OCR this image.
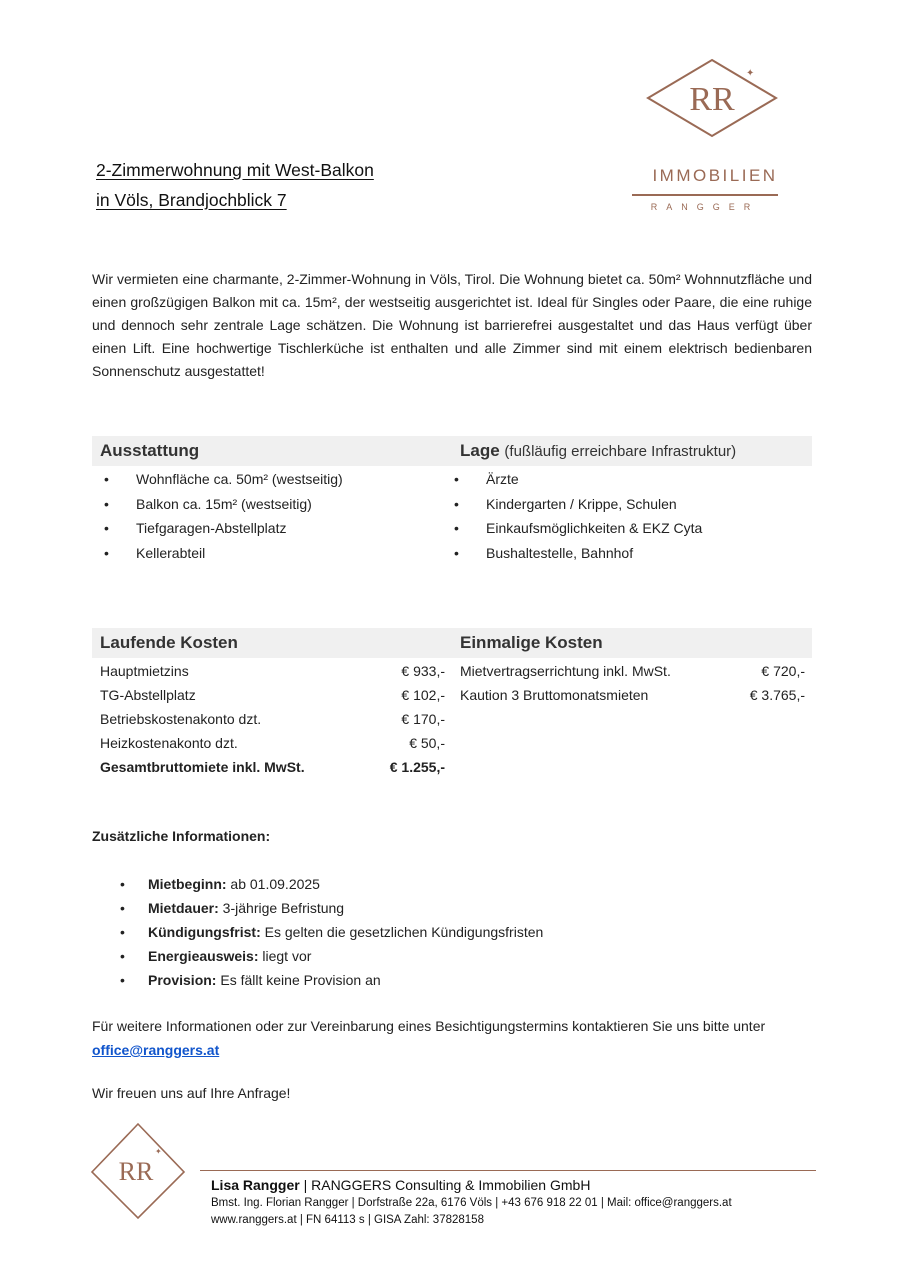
2-Zimmerwohnung mit West-Balkon
in Völs, Brandjochblick 7
RR
✦
IMMOBILIEN
RANGGER
Wir vermieten eine charmante, 2-Zimmer-Wohnung in Völs, Tirol. Die Wohnung bietet ca. 50m² Wohnnutzfläche und einen großzügigen Balkon mit ca. 15m², der westseitig ausgerichtet ist. Ideal für Singles oder Paare, die eine ruhige und dennoch sehr zentrale Lage schätzen. Die Wohnung ist barrierefrei ausgestaltet und das Haus verfügt über einen Lift. Eine hochwertige Tischlerküche ist enthalten und alle Zimmer sind mit einem elektrisch bedienbaren Sonnenschutz ausgestattet!
Ausstattung	Lage (fußläufig erreichbare Infrastruktur)
• Wohnfläche ca. 50m² (westseitig)
• Balkon ca. 15m² (westseitig)
• Tiefgaragen-Abstellplatz
• Kellerabteil
• Ärzte
• Kindergarten / Krippe, Schulen
• Einkaufsmöglichkeiten & EKZ Cyta
• Bushaltestelle, Bahnhof
Laufende Kosten	Einmalige Kosten
Hauptmietzins	€ 933,-
TG-Abstellplatz	€ 102,-
Betriebskostenakonto dzt.	€ 170,-
Heizkostenakonto dzt.	€ 50,-
Gesamtbruttomiete inkl. MwSt.	€ 1.255,-
Mietvertragserrichtung inkl. MwSt.	€ 720,-
Kaution 3 Bruttomonatsmieten	€ 3.765,-
Zusätzliche Informationen:
• Mietbeginn: ab 01.09.2025
• Mietdauer: 3-jährige Befristung
• Kündigungsfrist: Es gelten die gesetzlichen Kündigungsfristen
• Energieausweis: liegt vor
• Provision: Es fällt keine Provision an
Für weitere Informationen oder zur Vereinbarung eines Besichtigungstermins kontaktieren Sie uns bitte unter office@ranggers.at
Wir freuen uns auf Ihre Anfrage!
RR
✦
Lisa Rangger | RANGGERS Consulting & Immobilien GmbH
Bmst. Ing. Florian Rangger | Dorfstraße 22a, 6176 Völs | +43 676 918 22 01 | Mail: office@ranggers.at
www.ranggers.at | FN 64113 s | GISA Zahl: 37828158
